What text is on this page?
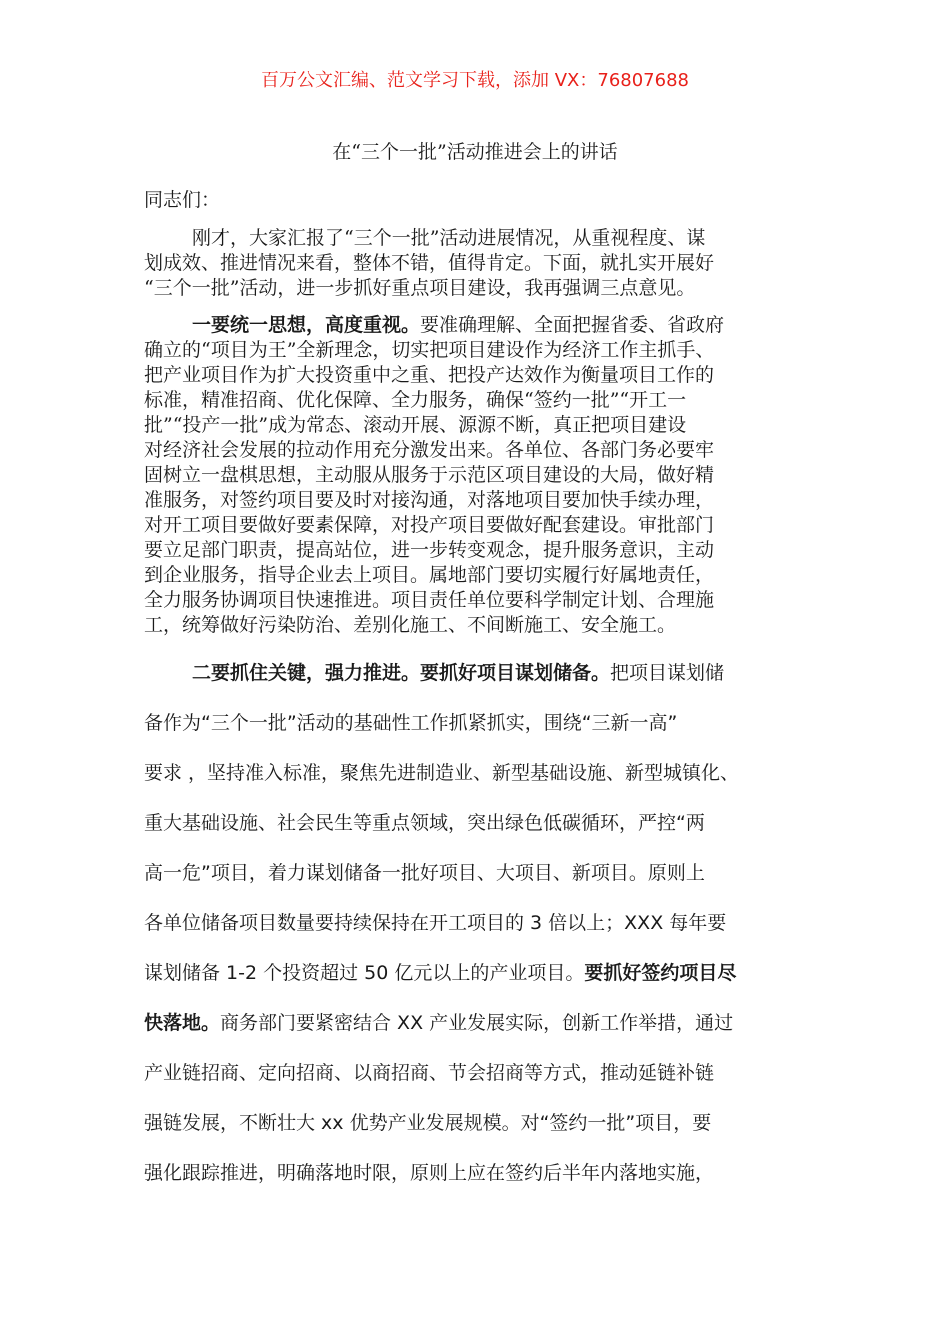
百万公文汇编、范文学习下载，添加 VX：76807688
在“三个一批”活动推进会上的讲话
同志们：
刚才，大家汇报了“三个一批”活动进展情况，从重视程度、谋
划成效、推进情况来看，整体不错，值得肯定。下面，就扎实开展好
“三个一批”活动，进一步抓好重点项目建设，我再强调三点意见。
一要统一思想，高度重视。要准确理解、全面把握省委、省政府
确立的“项目为王”全新理念，切实把项目建设作为经济工作主抓手、
把产业项目作为扩大投资重中之重、把投产达效作为衡量项目工作的
标准，精准招商、优化保障、全力服务，确保“签约一批”“开工一
批”“投产一批”成为常态、滚动开展、源源不断，真正把项目建设
对经济社会发展的拉动作用充分激发出来。各单位、各部门务必要牢
固树立一盘棋思想，主动服从服务于示范区项目建设的大局，做好精
准服务，对签约项目要及时对接沟通，对落地项目要加快手续办理，
对开工项目要做好要素保障，对投产项目要做好配套建设。审批部门
要立足部门职责，提高站位，进一步转变观念，提升服务意识，主动
到企业服务，指导企业去上项目。属地部门要切实履行好属地责任，
全力服务协调项目快速推进。项目责任单位要科学制定计划、合理施
工，统筹做好污染防治、差别化施工、不间断施工、安全施工。
二要抓住关键，强力推进。要抓好项目谋划储备。把项目谋划储
备作为“三个一批”活动的基础性工作抓紧抓实，围绕“三新一高”
要求 ，坚持准入标准，聚焦先进制造业、新型基础设施、新型城镇化、
重大基础设施、社会民生等重点领域，突出绿色低碳循环，严控“两
高一危”项目，着力谋划储备一批好项目、大项目、新项目。原则上
各单位储备项目数量要持续保持在开工项目的 3 倍以上；XXX 每年要
谋划储备 1-2 个投资超过 50 亿元以上的产业项目。要抓好签约项目尽
快落地。商务部门要紧密结合 XX 产业发展实际，创新工作举措，通过
产业链招商、定向招商、以商招商、节会招商等方式，推动延链补链
强链发展，不断壮大 xx 优势产业发展规模。对“签约一批”项目，要
强化跟踪推进，明确落地时限，原则上应在签约后半年内落地实施，
